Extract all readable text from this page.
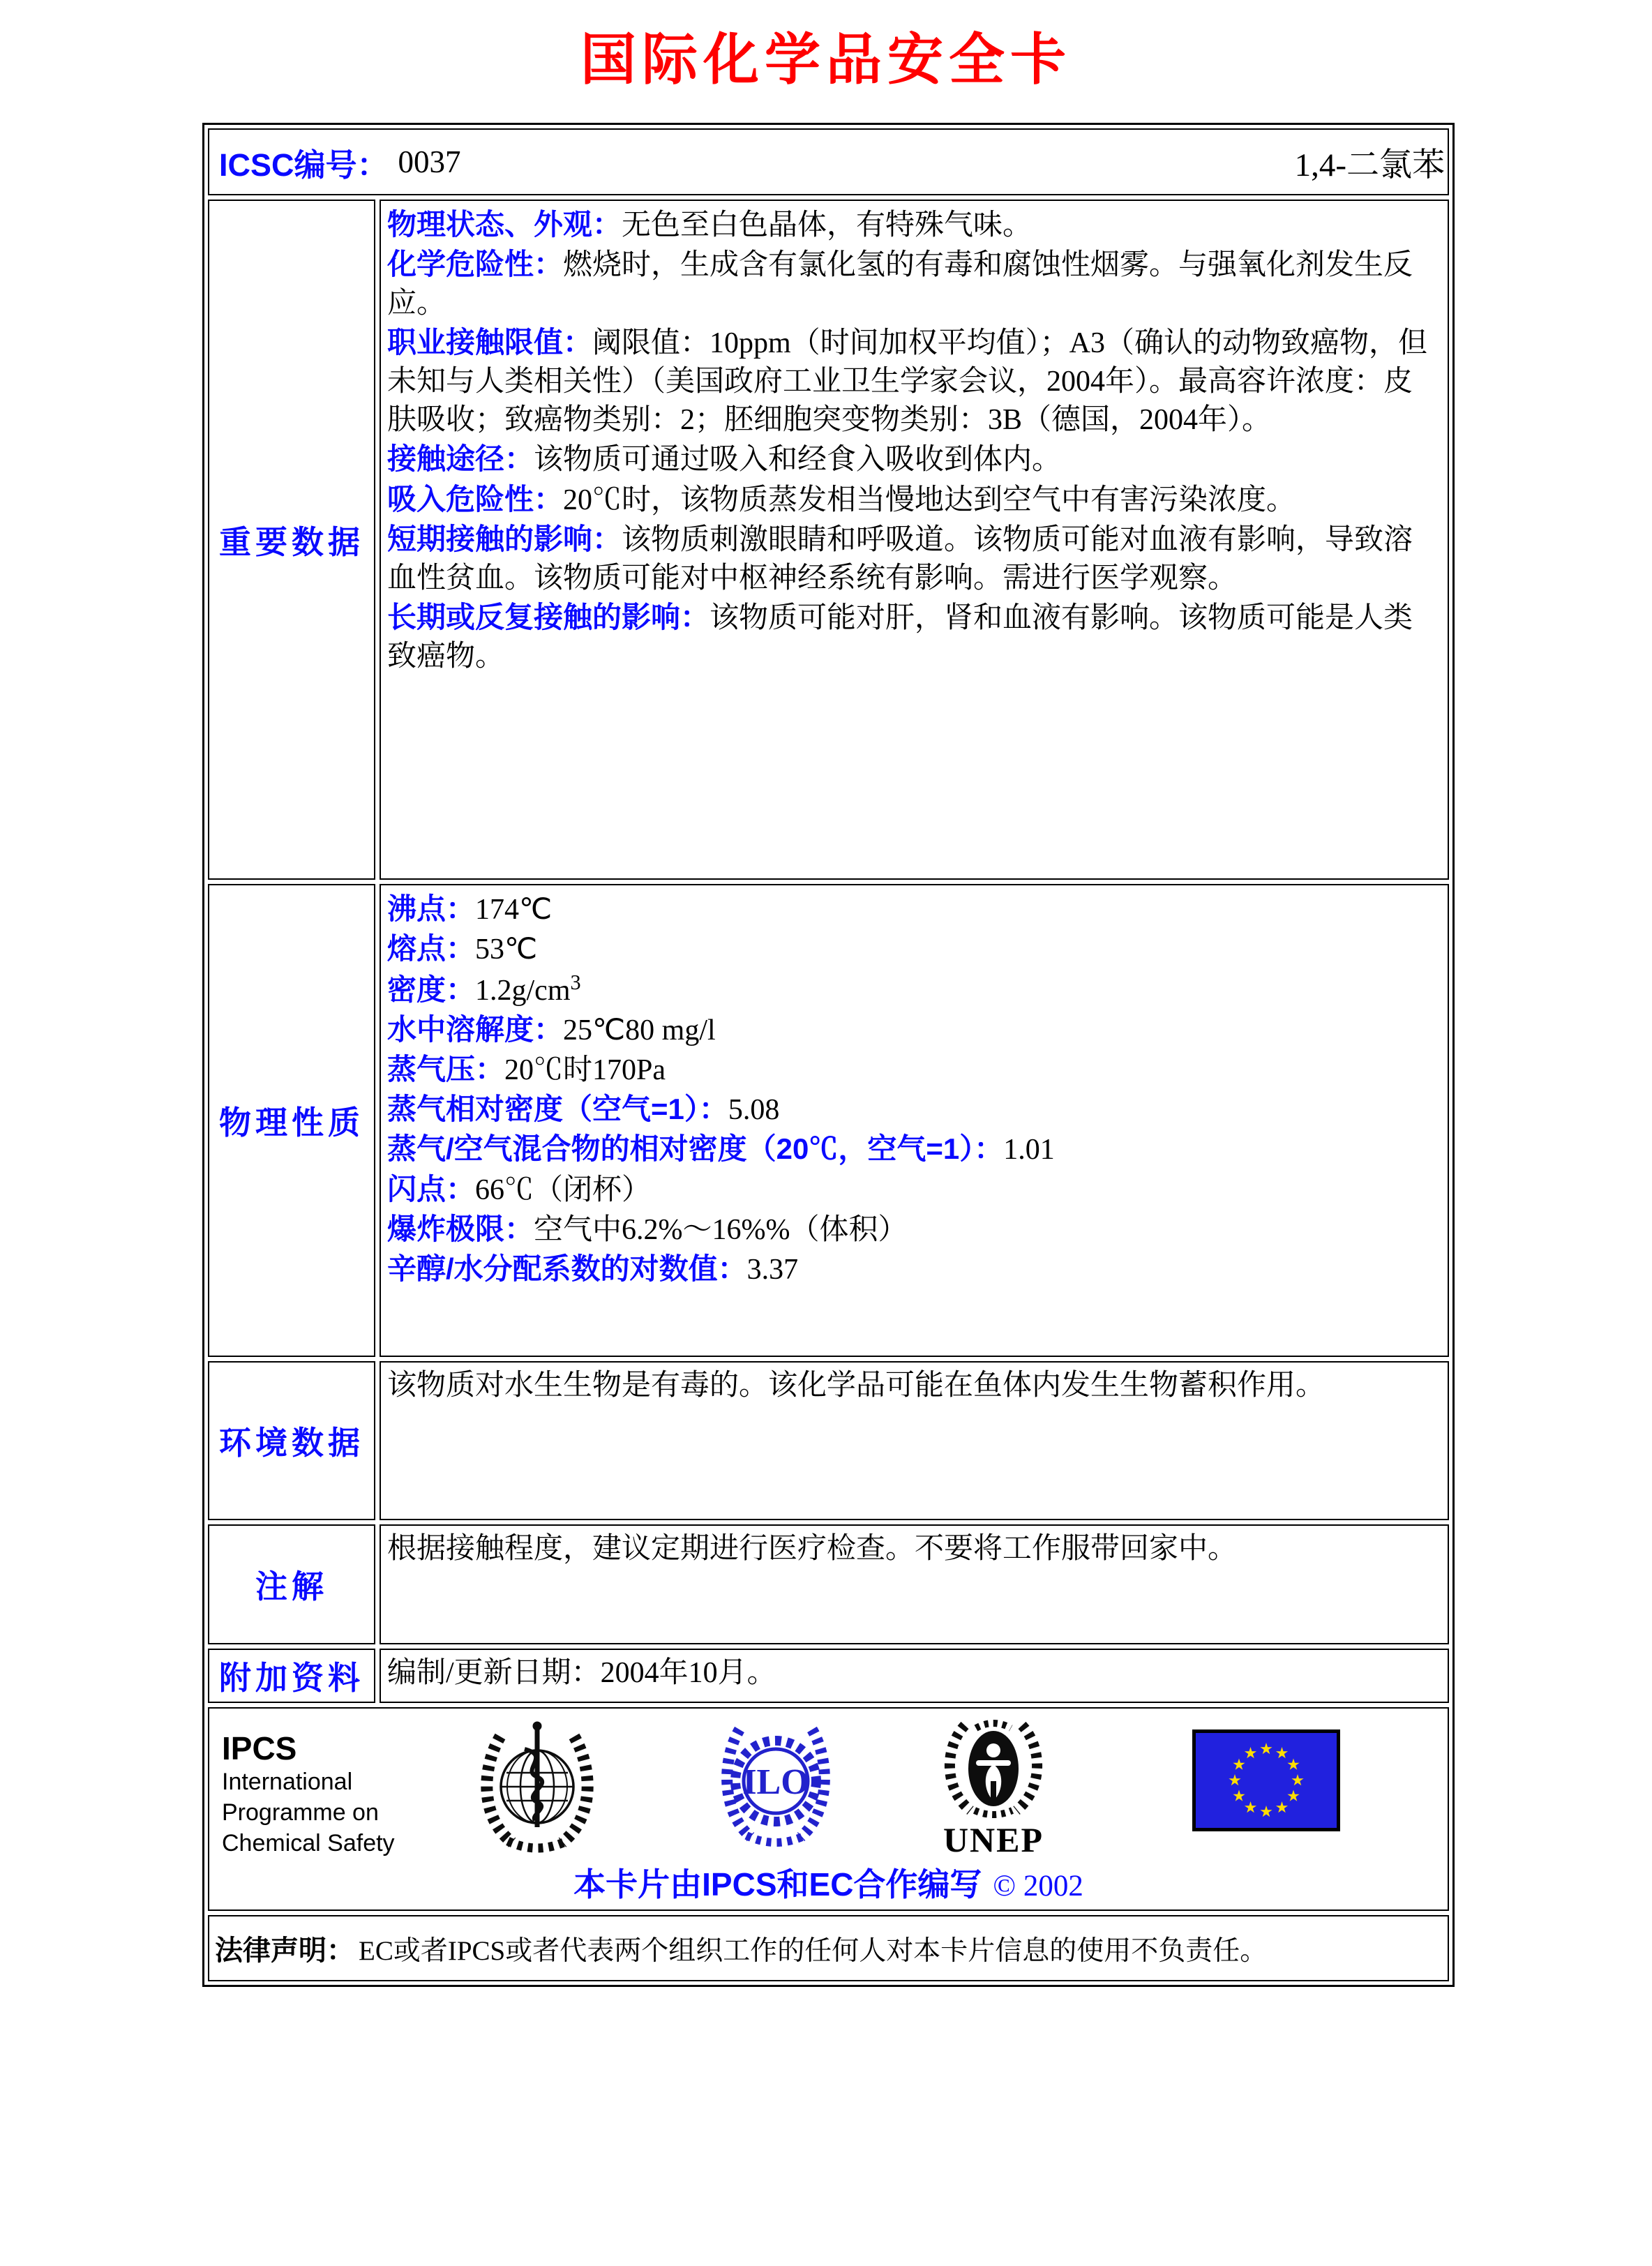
国际化学品安全卡
ICSC编号： 0037	1,4-二氯苯
重要数据

物理状态、外观：无色至白色晶体，有特殊气味。

化学危险性：燃烧时，生成含有氯化氢的有毒和腐蚀性烟雾。与强氧化剂发生反应。

职业接触限值：阈限值：10ppm（时间加权平均值）；A3（确认的动物致癌物，但未知与人类相关性）（美国政府工业卫生学家会议，2004年）。最高容许浓度：皮肤吸收；致癌物类别：2；胚细胞突变物类别：3B（德国，2004年）。

接触途径：该物质可通过吸入和经食入吸收到体内。

吸入危险性：20℃时，该物质蒸发相当慢地达到空气中有害污染浓度。

短期接触的影响：该物质刺激眼睛和呼吸道。该物质可能对血液有影响，导致溶血性贫血。该物质可能对中枢神经系统有影响。需进行医学观察。

长期或反复接触的影响：该物质可能对肝，肾和血液有影响。该物质可能是人类致癌物。

物理性质

沸点：174℃

熔点：53℃

密度：$1.2g/cm^3$

水中溶解度：25℃80 mg/l

蒸气压：20℃时170Pa

蒸气相对密度（空气=1）：5.08

蒸气/空气混合物的相对密度（20℃，空气=1）：1.01

闪点：66℃（闭杯）

爆炸极限：空气中6.2%～16%%（体积）

辛醇/水分配系数的对数值：3.37

环境数据

该物质对水生生物是有毒的。该化学品可能在鱼体内发生生物蓄积作用。

注解

根据接触程度，建议定期进行医疗检查。不要将工作服带回家中。

附加资料 编制/更新日期：2004年10月。

IPCS
International
Programme on
Chemical Safety
ILO
UNEP
本卡片由IPCS和EC合作编写 © 2002
法律声明： EC或者IPCS或者代表两个组织工作的任何人对本卡片信息的使用不负责任。
